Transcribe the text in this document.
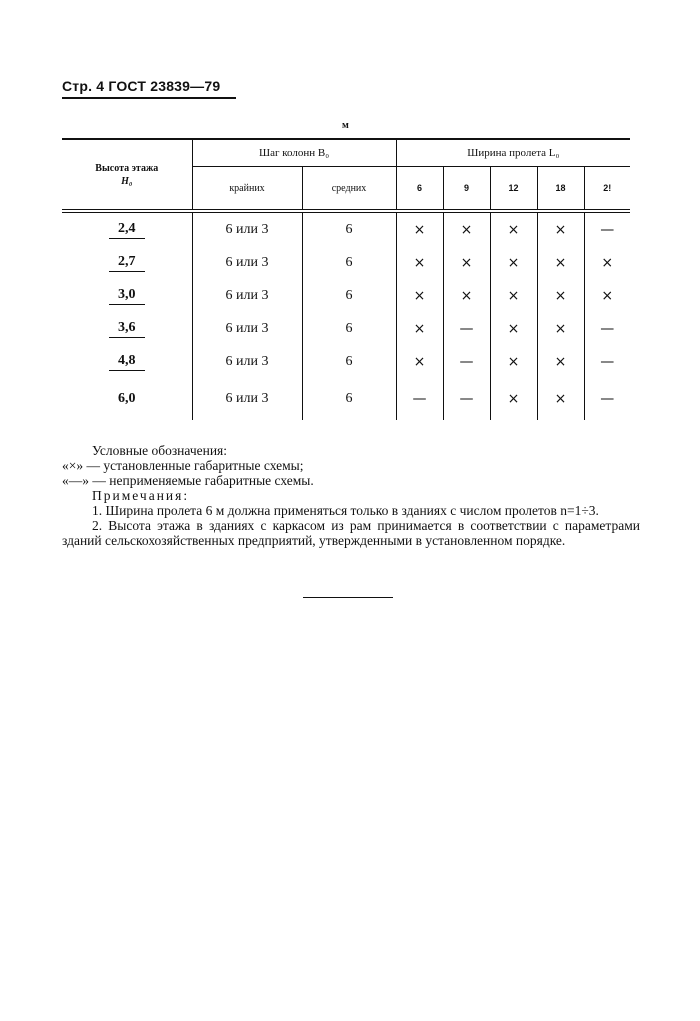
Стр. 4 ГОСТ 23839—79
м
Высота этажа
H₀	Шаг колонн B₀		Ширина пролета L₀				
	крайних	средних	6	9	12	18	2!

2,4	6 или 3	6	×	×	×	×	—
2,7	6 или 3	6	×	×	×	×	×
3,0	6 или 3	6	×	×	×	×	×
3,6	6 или 3	6	×	—	×	×	—
4,8	6 или 3	6	×	—	×	×	—
6,0	6 или 3	6	—	—	×	×	—

Условные обозначения:

«×» — установленные габаритные схемы;

«—» — неприменяемые габаритные схемы.

Примечания:

1. Ширина пролета 6 м должна применяться только в зданиях с числом пролетов n=1÷3.

2. Высота этажа в зданиях с каркасом из рам принимается в соответствии с параметрами зданий сельскохозяйственных предприятий, утвержденными в установленном порядке.
